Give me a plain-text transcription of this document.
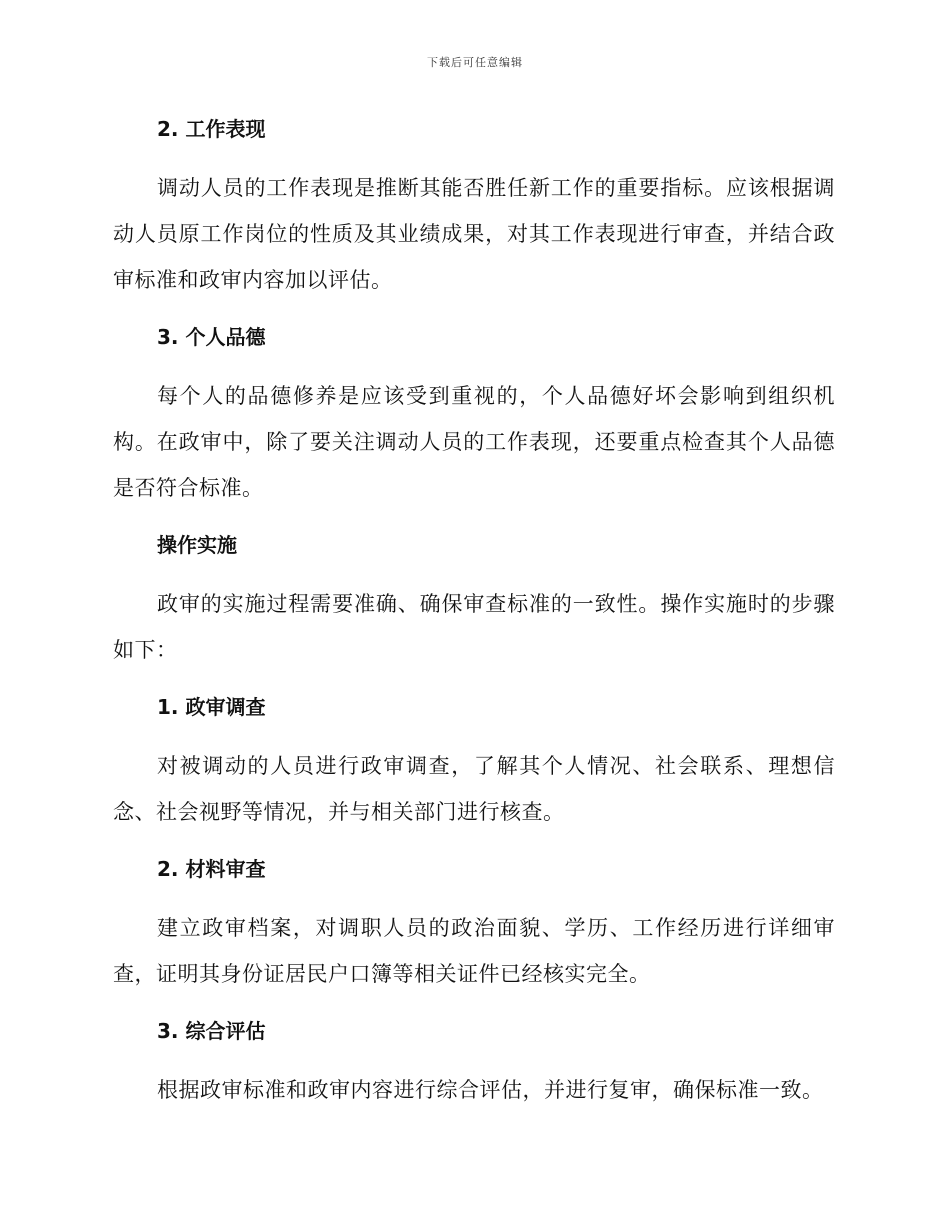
下载后可任意编辑
2. 工作表现
调动人员的工作表现是推断其能否胜任新工作的重要指标。应该根据调动人员原工作岗位的性质及其业绩成果，对其工作表现进行审查，并结合政审标准和政审内容加以评估。
3. 个人品德
每个人的品德修养是应该受到重视的，个人品德好坏会影响到组织机构。在政审中，除了要关注调动人员的工作表现，还要重点检查其个人品德是否符合标准。
操作实施
政审的实施过程需要准确、确保审查标准的一致性。操作实施时的步骤如下：
1. 政审调查
对被调动的人员进行政审调查，了解其个人情况、社会联系、理想信念、社会视野等情况，并与相关部门进行核查。
2. 材料审查
建立政审档案，对调职人员的政治面貌、学历、工作经历进行详细审查，证明其身份证居民户口簿等相关证件已经核实完全。
3. 综合评估
根据政审标准和政审内容进行综合评估，并进行复审，确保标准一致。
